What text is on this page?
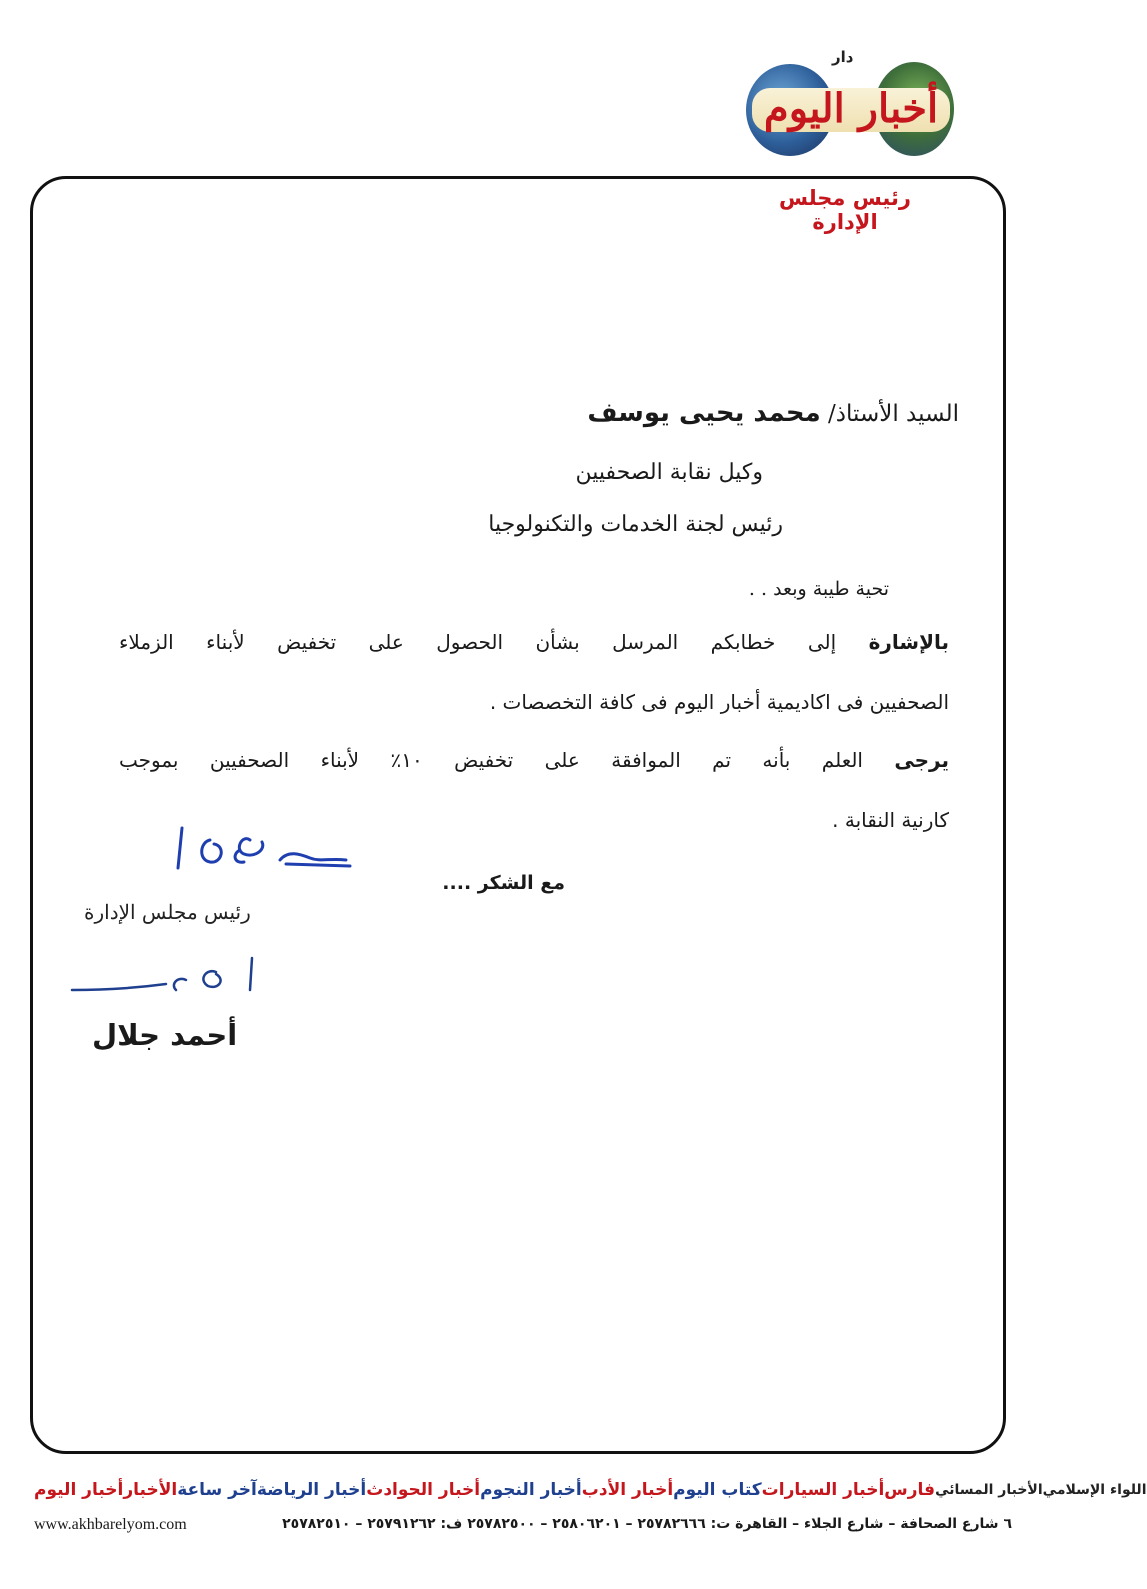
دار
أخبار اليوم
رئيس مجلس الإدارة
السيد الأستاذ/ محمد يحيى يوسف
وكيل نقابة الصحفيين
رئيس لجنة الخدمات والتكنولوجيا
تحية طيبة وبعد . .
بالإشارة إلى خطابكم المرسل بشأن الحصول على تخفيض لأبناء الزملاء
الصحفيين فى اكاديمية أخبار اليوم فى كافة التخصصات .
يرجى العلم بأنه تم الموافقة على تخفيض ١٠٪ لأبناء الصحفيين بموجب
كارنية النقابة .
مع الشكر ....
رئيس مجلس الإدارة
أحمد جلال
أخبار اليوم الأخبار آخر ساعة أخبار الرياضة أخبار الحوادث أخبار النجوم أخبار الأدب كتاب اليوم أخبار السيارات فارس الأخبار المسائي اللواء الإسلامي
www.akhbarelyom.com	٦ شارع الصحافة – شارع الجلاء – القاهرة ت: ٢٥٧٨٢٦٦٦ – ٢٥٨٠٦٢٠١ – ٢٥٧٨٢٥٠٠ ف: ٢٥٧٩١٢٦٢ – ٢٥٧٨٢٥١٠
